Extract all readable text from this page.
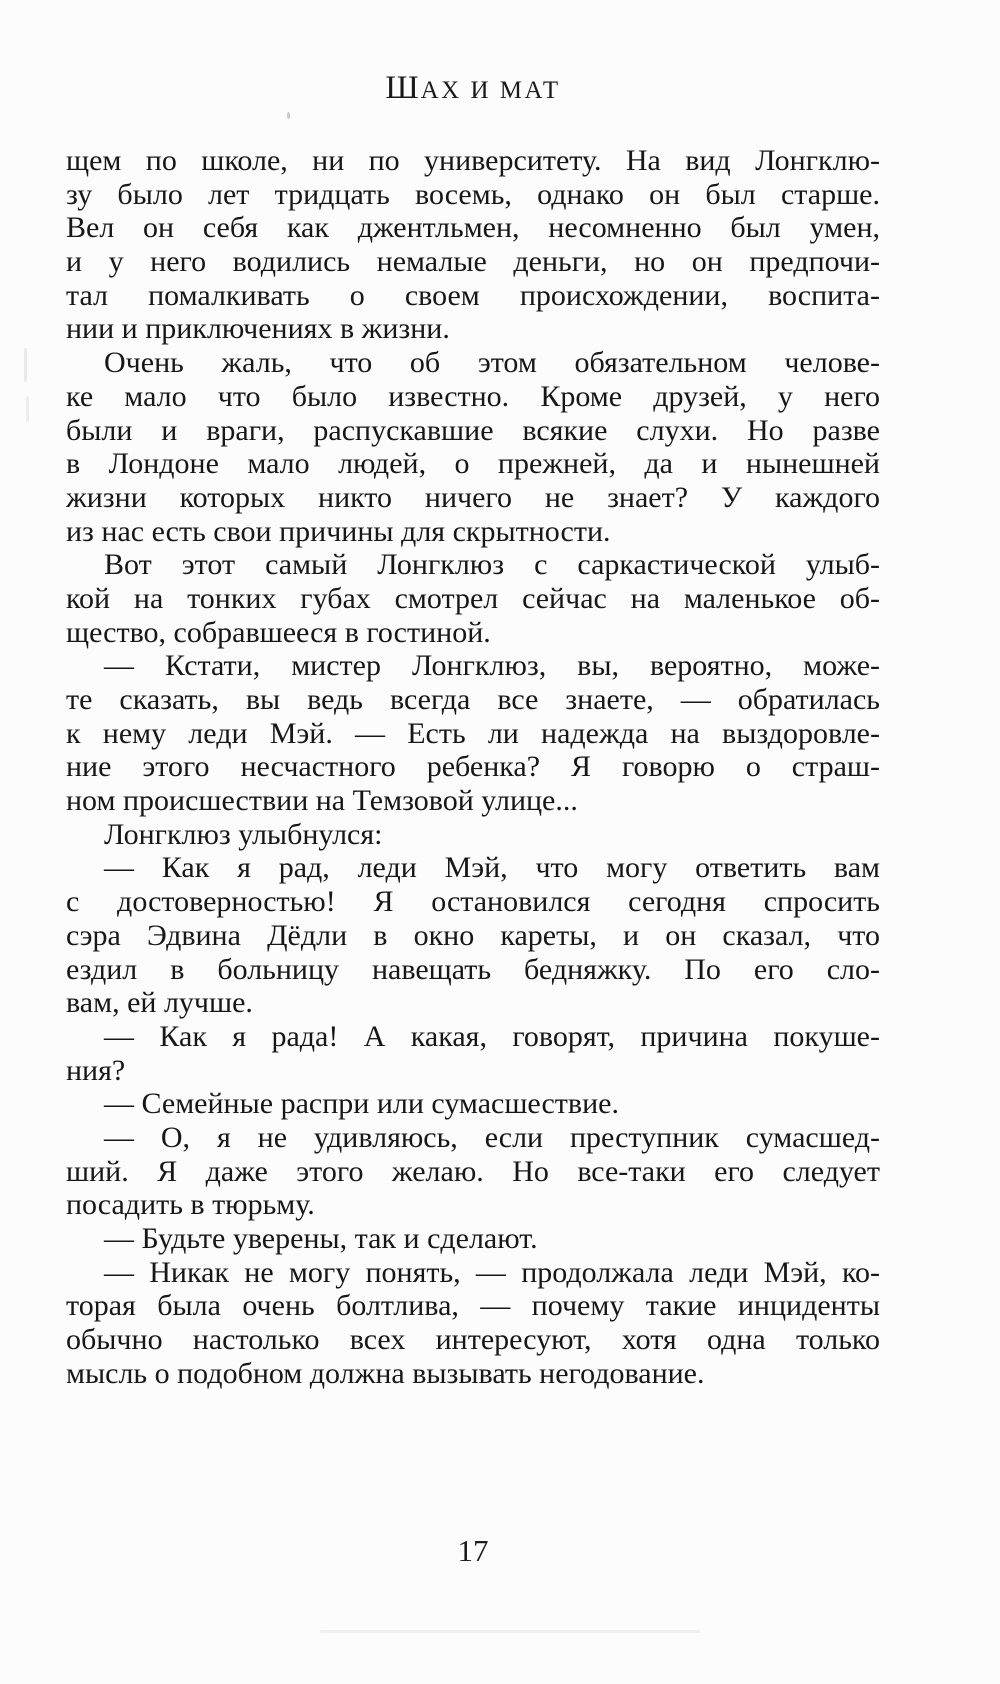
ШАХ И МАТ
щем по школе, ни по университету. На вид Лонгклю-
зу было лет тридцать восемь, однако он был старше.
Вел он себя как джентльмен, несомненно был умен,
и у него водились немалые деньги, но он предпочи-
тал помалкивать о своем происхождении, воспита-
нии и приключениях в жизни.
Очень жаль, что об этом обязательном челове-
ке мало что было известно. Кроме друзей, у него
были и враги, распускавшие всякие слухи. Но разве
в Лондоне мало людей, о прежней, да и нынешней
жизни которых никто ничего не знает? У каждого
из нас есть свои причины для скрытности.
Вот этот самый Лонгклюз с саркастической улыб-
кой на тонких губах смотрел сейчас на маленькое об-
щество, собравшееся в гостиной.
— Кстати, мистер Лонгклюз, вы, вероятно, може-
те сказать, вы ведь всегда все знаете, — обратилась
к нему леди Мэй. — Есть ли надежда на выздоровле-
ние этого несчастного ребенка? Я говорю о страш-
ном происшествии на Темзовой улице...
Лонгклюз улыбнулся:
— Как я рад, леди Мэй, что могу ответить вам
с достоверностью! Я остановился сегодня спросить
сэра Эдвина Дёдли в окно кареты, и он сказал, что
ездил в больницу навещать бедняжку. По его сло-
вам, ей лучше.
— Как я рада! А какая, говорят, причина покуше-
ния?
— Семейные распри или сумасшествие.
— О, я не удивляюсь, если преступник сумасшед-
ший. Я даже этого желаю. Но все-таки его следует
посадить в тюрьму.
— Будьте уверены, так и сделают.
— Никак не могу понять, — продолжала леди Мэй, ко-
торая была очень болтлива, — почему такие инциденты
обычно настолько всех интересуют, хотя одна только
мысль о подобном должна вызывать негодование.
17
